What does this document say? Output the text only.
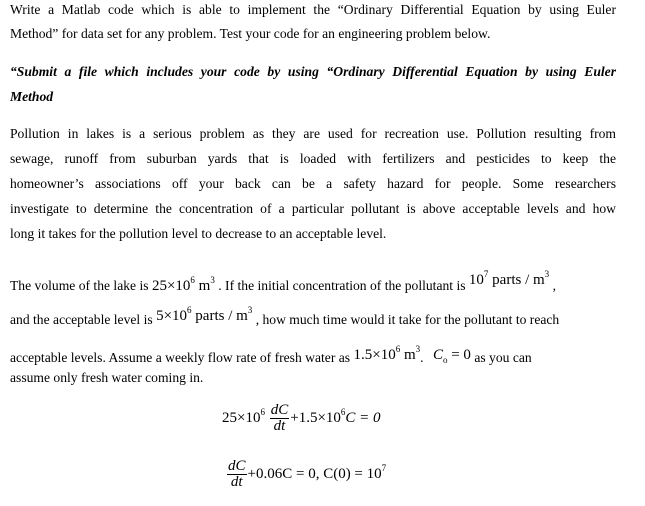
Write a Matlab code which is able to implement the “Ordinary Differential Equation by using Euler
Method” for data set for any problem. Test your code for an engineering problem below.
“Submit a file which includes your code by using “Ordinary Differential Equation by using Euler
Method
Pollution in lakes is a serious problem as they are used for recreation use. Pollution resulting from
sewage, runoff from suburban yards that is loaded with fertilizers and pesticides to keep the
homeowner’s associations off your back can be a safety hazard for people. Some researchers
investigate to determine the concentration of a particular pollutant is above acceptable levels and how
long it takes for the pollution level to decrease to an acceptable level.
The volume of the lake is $25\times 10^6$ $m^3$ . If the initial concentration of the pollutant is $10^7$ parts / $m^3$ ,
and the acceptable level is $5\times 10^6$ parts / $m^3$ , how much time would it take for the pollutant to reach
acceptable levels. Assume a weekly flow rate of fresh water as $1.5\times 10^6$ $m^3$. $C_o = 0$ as you can
assume only fresh water coming in.
$25\times 10^6 \frac{dC}{dt} +1.5\times 10^6C = 0$
$\frac{dC}{dt} +0.06C = 0$, $C(0) = 10^7$
